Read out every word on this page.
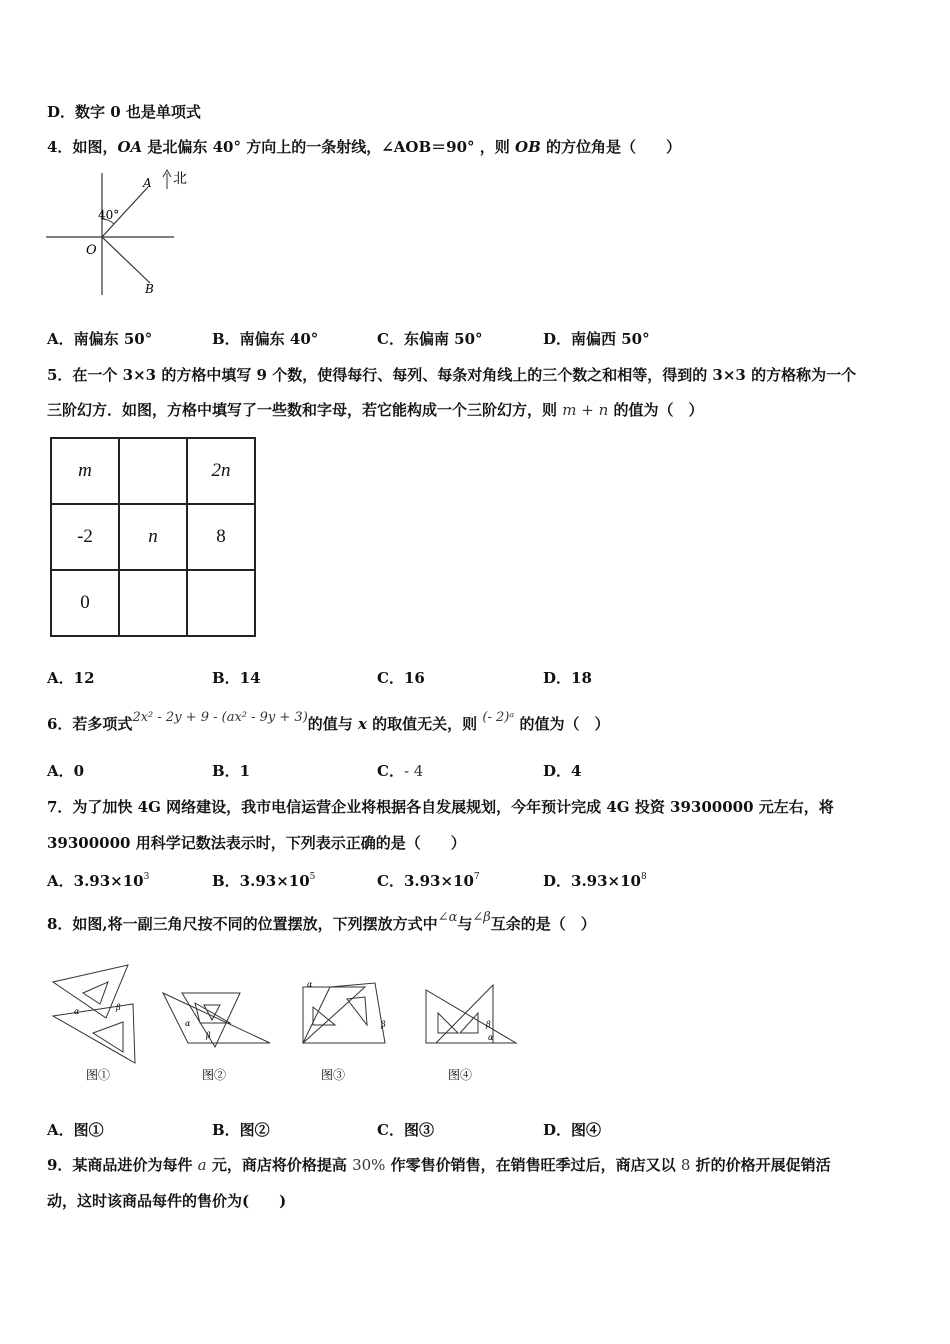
D．数字 0 也是单项式
4．如图，OA 是北偏东 40° 方向上的一条射线，∠AOB＝90° ，则 OB 的方位角是（　　）
A 北
40°
O
B
A．南偏东 50°	B．南偏东 40°	C．东偏南 50°	D．南偏西 50°
5．在一个 3×3 的方格中填写 9 个数，使得每行、每列、每条对角线上的三个数之和相等，得到的 3×3 的方格称为一个
三阶幻方．如图，方格中填写了一些数和字母，若它能构成一个三阶幻方，则 m + n 的值为（　）
m		2n
-2	n	8
0		
A．12	B．14	C．16	D．18
6．若多项式2x² - 2y + 9 - (ax² - 9y + 3)的值与 x 的取值无关，则 (- 2)ᵃ 的值为（　）
A．0	B．1	C．- 4	D．4
7．为了加快 4G 网络建设，我市电信运营企业将根据各自发展规划，今年预计完成 4G 投资 39300000 元左右，将
39300000 用科学记数法表示时，下列表示正确的是（　　）
A．$3.93\times 10^3$	B．$3.93\times 10^5$	C．$3.93\times 10^7$	D．$3.93\times 10^8$
8．如图,将一副三角尺按不同的位置摆放，下列摆放方式中∠α与∠β互余的是（　）
β
α
图①
α
β
图②
α
β
图③
β
α
图④
A．图①	B．图②	C．图③	D．图④
9．某商品进价为每件 a 元，商店将价格提高 30% 作零售价销售，在销售旺季过后，商店又以 8 折的价格开展促销活
动，这时该商品每件的售价为(　　)
